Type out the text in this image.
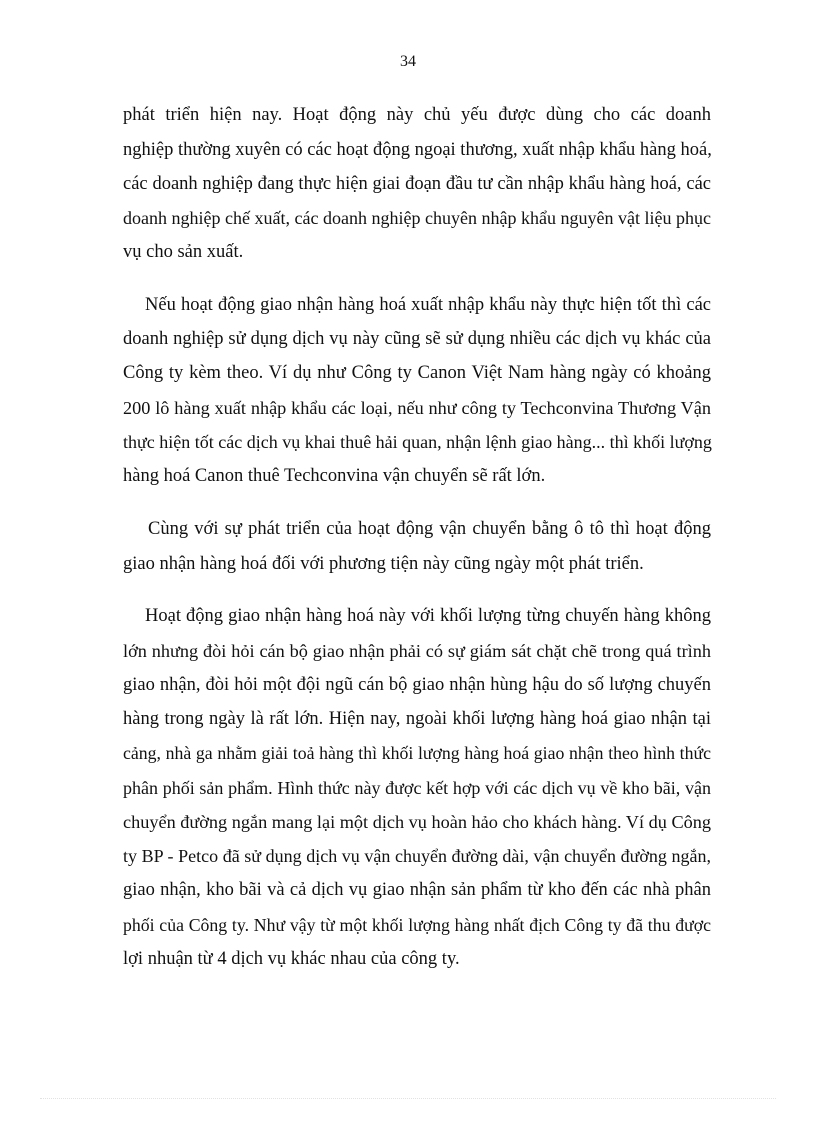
34
phát triển hiện nay. Hoạt động này chủ yếu được dùng cho các doanh
nghiệp thường xuyên có các hoạt động ngoại thương, xuất nhập khẩu hàng hoá,
các doanh nghiệp đang thực hiện giai đoạn đầu tư cần nhập khẩu hàng hoá, các
doanh nghiệp chế xuất, các doanh nghiệp chuyên nhập khẩu nguyên vật liệu phục
vụ cho sản xuất.
Nếu hoạt động giao nhận hàng hoá xuất nhập khẩu này thực hiện tốt thì các
doanh nghiệp sử dụng dịch vụ này cũng sẽ sử dụng nhiều các dịch vụ khác của
Công ty kèm theo. Ví dụ như Công ty Canon Việt Nam hàng ngày có khoảng
200 lô hàng xuất nhập khẩu các loại, nếu như công ty Techconvina Thương Vận
thực hiện tốt các dịch vụ khai thuê hải quan, nhận lệnh giao hàng... thì khối lượng
hàng hoá Canon thuê Techconvina vận chuyển sẽ rất lớn.
Cùng với sự phát triển của hoạt động vận chuyển bằng ô tô thì hoạt động
giao nhận hàng hoá đối với phương tiện này cũng ngày một phát triển.
Hoạt động giao nhận hàng hoá này với khối lượng từng chuyến hàng không
lớn nhưng đòi hỏi cán bộ giao nhận phải có sự giám sát chặt chẽ trong quá trình
giao nhận, đòi hỏi một đội ngũ cán bộ giao nhận hùng hậu do số lượng chuyến
hàng trong ngày là rất lớn. Hiện nay, ngoài khối lượng hàng hoá giao nhận tại
cảng, nhà ga nhằm giải toả hàng thì khối lượng hàng hoá giao nhận theo hình thức
phân phối sản phẩm. Hình thức này được kết hợp với các dịch vụ về kho bãi, vận
chuyển đường ngắn mang lại một dịch vụ hoàn hảo cho khách hàng. Ví dụ Công
ty BP - Petco đã sử dụng dịch vụ vận chuyển đường dài, vận chuyển đường ngắn,
giao nhận, kho bãi và cả dịch vụ giao nhận sản phẩm từ kho đến các nhà phân
phối của Công ty. Như vậy từ một khối lượng hàng nhất địch Công ty đã thu được
lợi nhuận từ 4 dịch vụ khác nhau của công ty.
